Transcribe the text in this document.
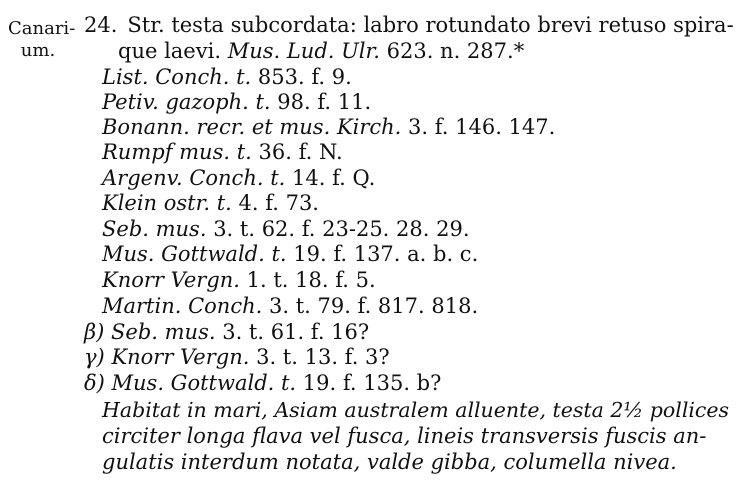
Canari-
um.
24. Str. testa subcordata: labro rotundato brevi retuso spira-
que laevi. Mus. Lud. Ulr. 623. n. 287.*
List. Conch. t. 853. f. 9.
Petiv. gazoph. t. 98. f. 11.
Bonann. recr. et mus. Kirch. 3. f. 146. 147.
Rumpf mus. t. 36. f. N.
Argenv. Conch. t. 14. f. Q.
Klein ostr. t. 4. f. 73.
Seb. mus. 3. t. 62. f. 23-25. 28. 29.
Mus. Gottwald. t. 19. f. 137. a. b. c.
Knorr Vergn. 1. t. 18. f. 5.
Martin. Conch. 3. t. 79. f. 817. 818.
β) Seb. mus. 3. t. 61. f. 16?
γ) Knorr Vergn. 3. t. 13. f. 3?
δ) Mus. Gottwald. t. 19. f. 135. b?
Habitat in mari, Asiam australem alluente, testa 2½ pollices
circiter longa flava vel fusca, lineis transversis fuscis an-
gulatis interdum notata, valde gibba, columella nivea.
